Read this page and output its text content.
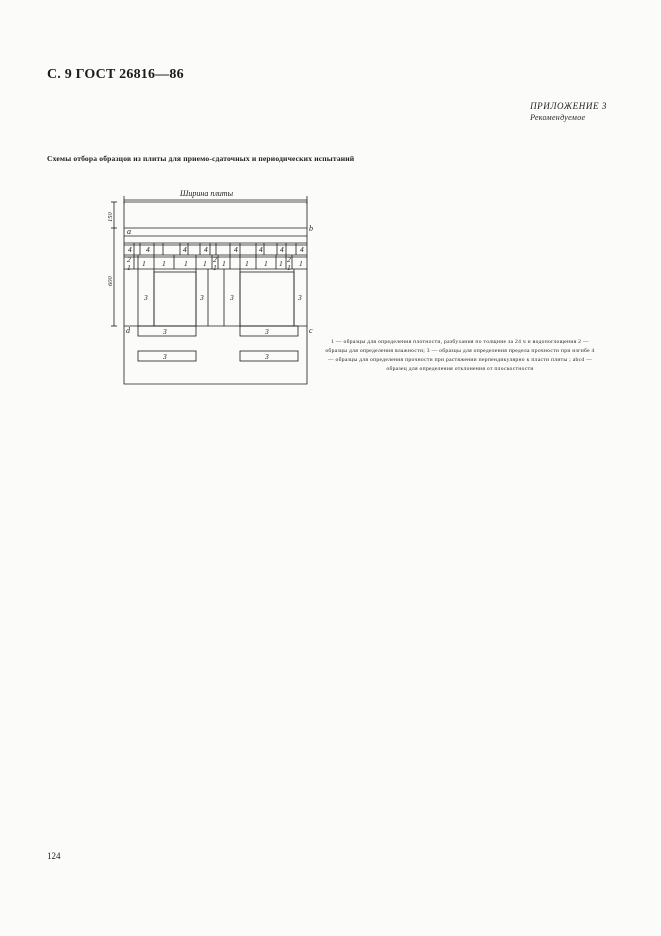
С. 9 ГОСТ 26816—86
ПРИЛОЖЕНИЕ 3
Рекомендуемое
Схемы отбора образцов из плиты для приемо-сдаточных и периодических испытаний
Ширина плиты
150
600
a	b
c
d
4 4	4 4	4	4 4 4
2
1 1 1 1 1 2
1 1	1 1 1 2
1 1
3	3	3	3
3	3
3	3
1 — образцы для определения плотности, разбухания по толщине за 24 ч и водопоглощения 2 — образцы для определения влажности; 3 — образцы для определения предела прочности при изгибе 4 — образцы для определения прочности при растяжении перпендикулярно к пласти плиты ; abcd — образец для определения отклонения от плоскостности
124
